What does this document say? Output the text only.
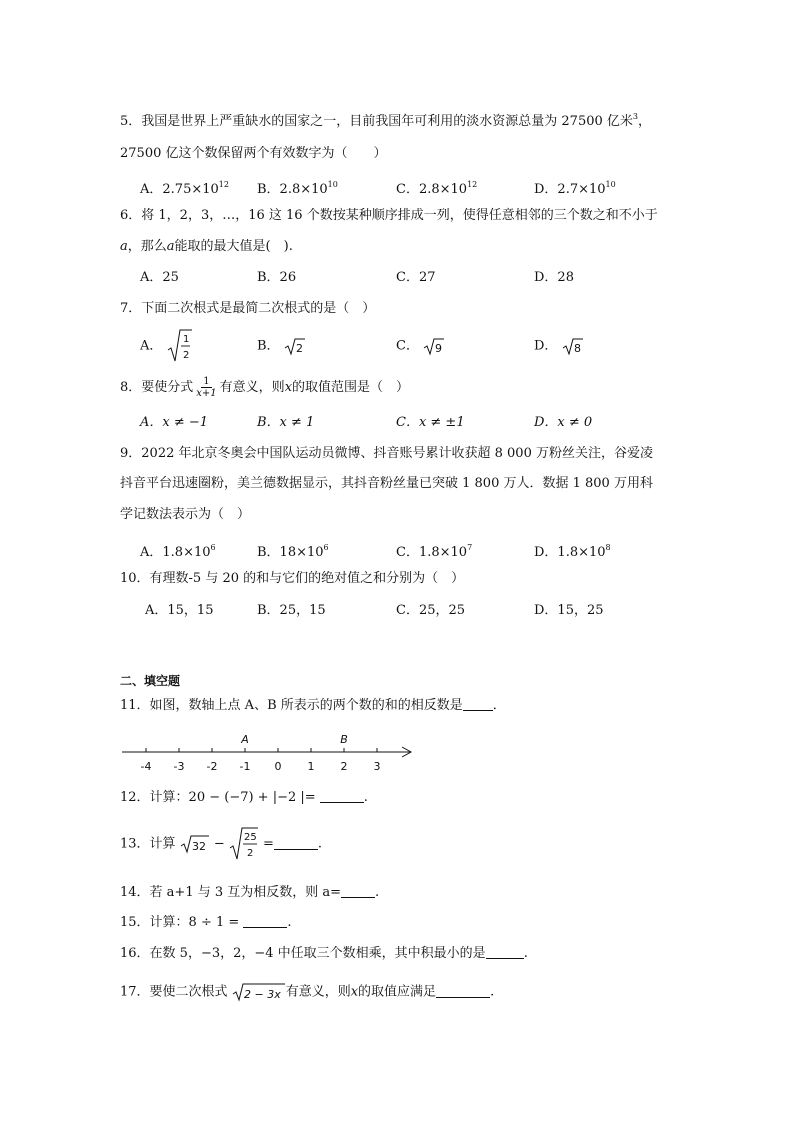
5．我国是世界上严重缺水的国家之一，目前我国年可利用的淡水资源总量为 27500 亿米$^3$，
27500 亿这个数保留两个有效数字为（　　）
A．$2.75\times 10^{12}$ B．$2.8\times 10^{10}$	C．$2.8\times 10^{12}$	D．$2.7\times 10^{10}$
6．将 1，2，3，…，16 这 16 个数按某种顺序排成一列，使得任意相邻的三个数之和不小于
a，那么a能取的最大值是(　).
A．25	B．26	C．27	D．28
7．下面二次根式是最简二次根式的是（　）
A． 1
2
B． 2	C． 9	D． 8
8．要使分式 $\frac{1}{x+1}$ 有意义，则x的取值范围是（　）
A．x ≠ −1	B．x ≠ 1	C．x ≠ ±1	D．x ≠ 0
9．2022 年北京冬奥会中国队运动员微博、抖音账号累计收获超 8 000 万粉丝关注，谷爱凌
抖音平台迅速圈粉，美兰德数据显示，其抖音粉丝量已突破 1 800 万人．数据 1 800 万用科
学记数法表示为（　）
A．$1.8\times 10^6$	B．$18\times 10^6$	C．$1.8\times 10^7$	D．$1.8\times 10^8$
10．有理数-5 与 20 的和与它们的绝对值之和分别为（　）
A．15，15	B．25，15	C．25，25	D．15，25
二、填空题
11．如图，数轴上点 A、B 所表示的两个数的和的相反数是 ．
-4 -3 -2 -1 0 1 2 3
A	B
12．计算：20 − (−7) + |−2 |=	.
13．计算 32 − 25
2
=	.
14．若 a+1 与 3 互为相反数，则 a=	.
15．计算：8 ÷ 1 =	.
16．在数 5，−3，2，−4 中任取三个数相乘，其中积最小的是	.
17．要使二次根式 2 − 3x 有意义，则x的取值应满足	.
